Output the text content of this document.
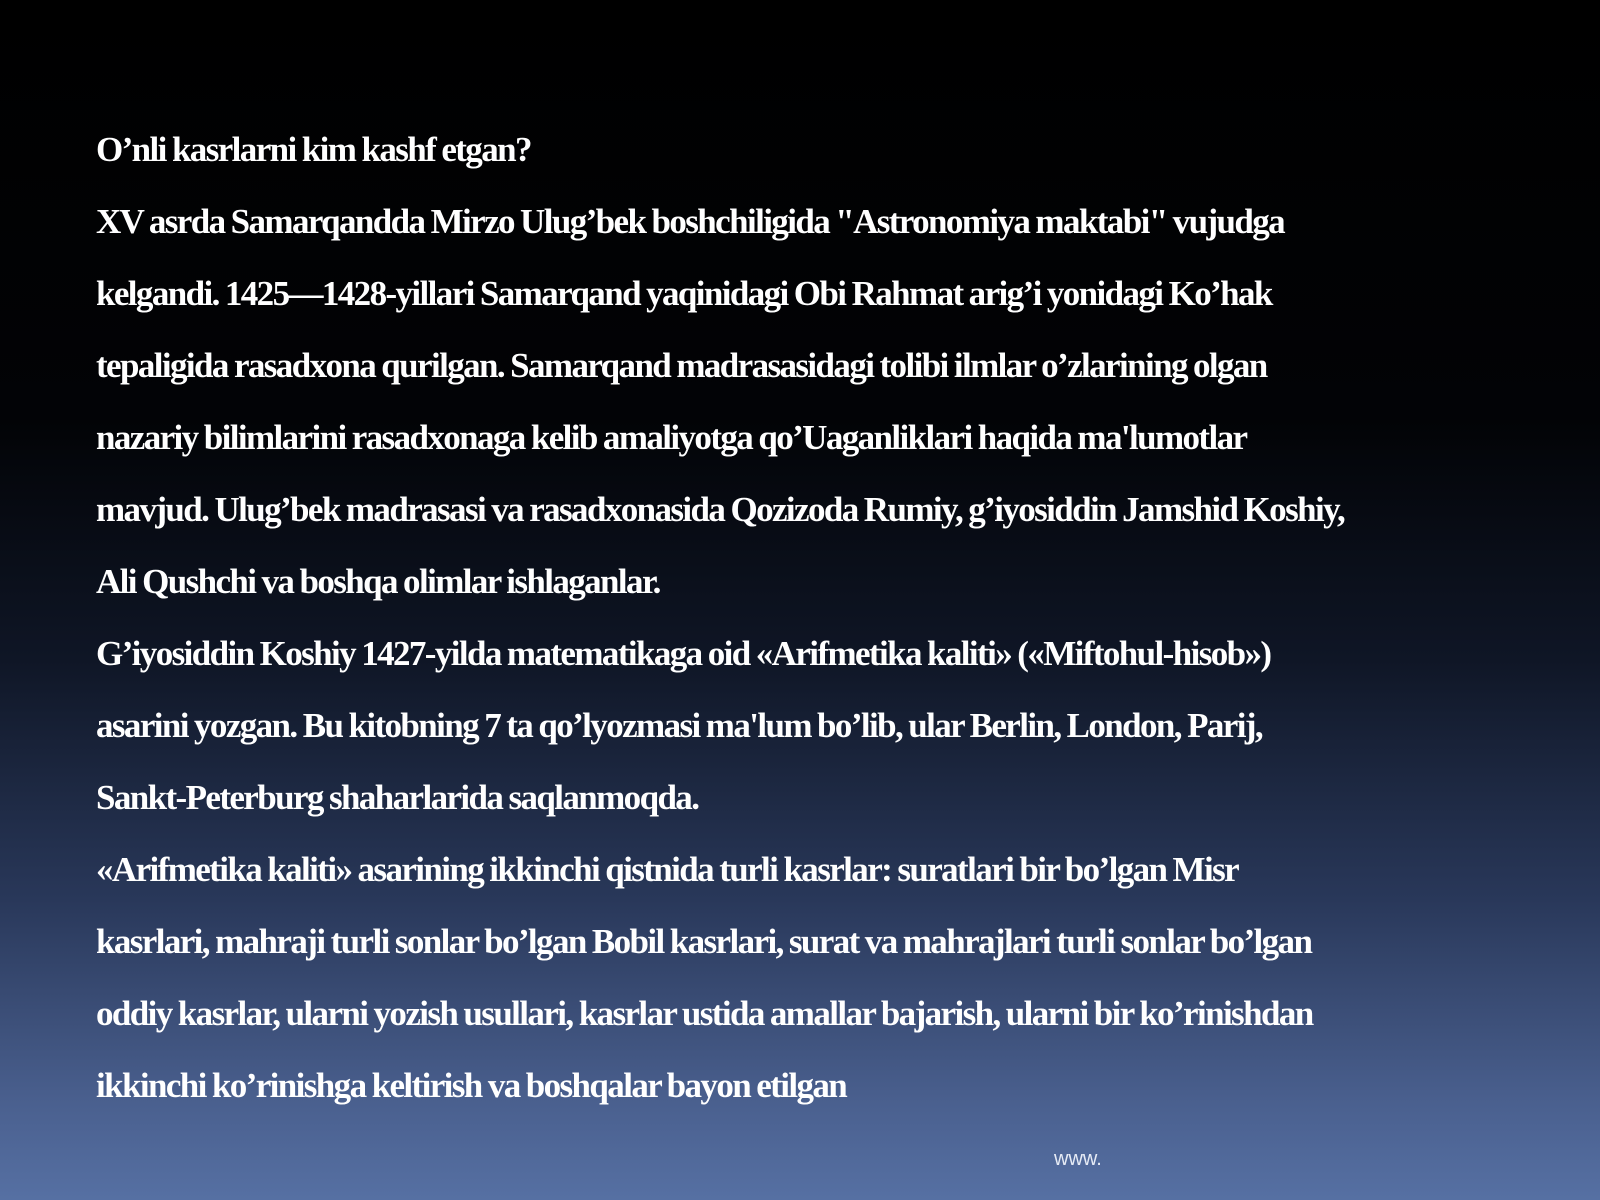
O’nli kasrlarni kim kashf etgan?

XV asrda Samarqandda Mirzo Ulug’bek boshchiligida "Astronomiya maktabi" vujudga

kelgandi. 1425—1428-yillari Samarqand yaqinidagi Obi Rahmat arig’i yonidagi Ko’hak

tepaligida rasadxona qurilgan. Samarqand madrasasidagi tolibi ilmlar o’zlarining olgan

nazariy bilimlarini rasadxonaga kelib amaliyotga qo’Uaganliklari haqida ma'lumotlar

mavjud. Ulug’bek madrasasi va rasadxonasida Qozizoda Rumiy, g’iyosiddin Jamshid Koshiy,

Ali Qushchi va boshqa olimlar ishlaganlar.

G’iyosiddin Koshiy 1427-yilda matematikaga oid «Arifmetika kaliti» («Miftohul-hisob»)

asarini yozgan. Bu kitobning 7 ta qo’lyozmasi ma'lum bo’lib, ular Berlin, London, Parij,

Sankt-Peterburg shaharlarida saqlanmoqda.

«Arifmetika kaliti» asarining ikkinchi qistnida turli kasrlar: suratlari bir bo’lgan Misr

kasrlari, mahraji turli sonlar bo’lgan Bobil kasrlari, surat va mahrajlari turli sonlar bo’lgan

oddiy kasrlar, ularni yozish usullari, kasrlar ustida amallar bajarish, ularni bir ko’rinishdan

ikkinchi ko’rinishga keltirish va boshqalar bayon etilgan

www.
